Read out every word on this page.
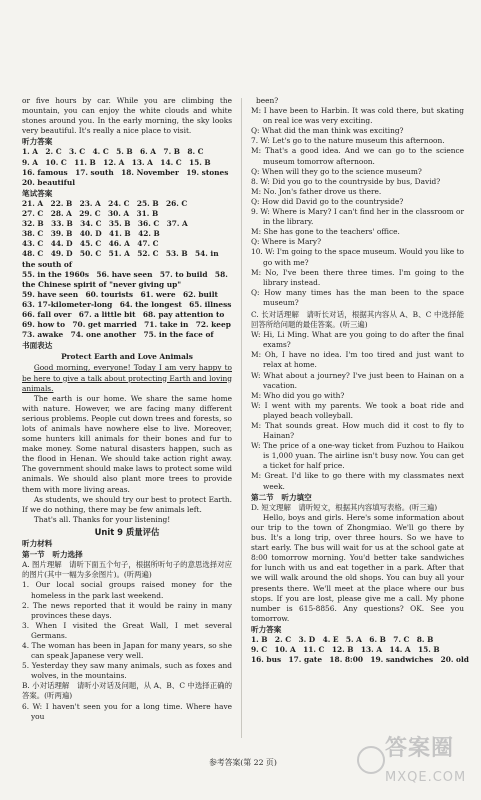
or five hours by car. While you are climbing the mountain, you can enjoy the white clouds and white stones around you. In the early morning, the sky looks very beautiful. It's really a nice place to visit.

听力答案

1. A　2. C　3. C　4. C　5. B　6. A　7. B　8. C

9. A　10. C　11. B　12. A　13. A　14. C　15. B

16. famous　17. south　18. November　19. stones

20. beautiful

笔试答案

21. A　22. B　23. A　24. C　25. B　26. C

27. C　28. A　29. C　30. A　31. B

32. B　33. B　34. C　35. B　36. C　37. A

38. C　39. B　40. D　41. B　42. B

43. C　44. D　45. C　46. A　47. C

48. C　49. D　50. C　51. A　52. C　53. B　54. in the south of

55. in the 1960s　56. have seen　57. to build　58. the Chinese spirit of "never giving up"

59. have seen　60. tourists　61. were　62. built　63. 17-kilometer-long　64. the longest　65. illness

66. fall over　67. a little bit　68. pay attention to

69. how to　70. get married　71. take in　72. keep　73. awake　74. one another　75. in the face of

书面表达

Protect Earth and Love Animals

Good morning, everyone! Today I am very happy to be here to give a talk about protecting Earth and loving animals.

The earth is our home. We share the same home with nature. However, we are facing many different serious problems. People cut down trees and forests, so lots of animals have nowhere else to live. Moreover, some hunters kill animals for their bones and fur to make money. Some natural disasters happen, such as the flood in Henan. We should take action right away. The government should make laws to protect some wild animals. We should also plant more trees to provide them with more living areas.

As students, we should try our best to protect Earth. If we do nothing, there may be few animals left.

That's all. Thanks for your listening!

Unit 9 质量评估

听力材料

第一节　听力选择

A. 图片理解　请听下面五个句子，根据所听句子的意思选择对应的图片(其中一幅为多余图片)。(听两遍)

1. Our local social groups raised money for the homeless in the park last weekend.

2. The news reported that it would be rainy in many provinces these days.

3. When I visited the Great Wall, I met several Germans.

4. The woman has been in Japan for many years, so she can speak Japanese very well.

5. Yesterday they saw many animals, such as foxes and wolves, in the mountains.

B. 小对话理解　请听小对话及问题，从 A、B、C 中选择正确的答案。(听两遍)

6. W: I haven't seen you for a long time. Where have you

been?

M: I have been to Harbin. It was cold there, but skating on real ice was very exciting.

Q: What did the man think was exciting?

7. W: Let's go to the nature museum this afternoon.

M: That's a good idea. And we can go to the science museum tomorrow afternoon.

Q: When will they go to the science museum?

8. W: Did you go to the countryside by bus, David?

M: No. Jon's father drove us there.

Q: How did David go to the countryside?

9. W: Where is Mary? I can't find her in the classroom or in the library.

M: She has gone to the teachers' office.

Q: Where is Mary?

10. W: I'm going to the space museum. Would you like to go with me?

M: No, I've been there three times. I'm going to the library instead.

Q: How many times has the man been to the space museum?

C. 长对话理解　请听长对话，根据其内容从 A、B、C 中选择能回答所给问题的最佳答案。(听三遍)

W: Hi, Li Ming. What are you going to do after the final exams?

M: Oh, I have no idea. I'm too tired and just want to relax at home.

W: What about a journey? I've just been to Hainan on a vacation.

M: Who did you go with?

W: I went with my parents. We took a boat ride and played beach volleyball.

M: That sounds great. How much did it cost to fly to Hainan?

W: The price of a one-way ticket from Fuzhou to Haikou is 1,000 yuan. The airline isn't busy now. You can get a ticket for half price.

M: Great. I'd like to go there with my classmates next week.

第二节　听力填空

D. 短文理解　请听短文，根据其内容填写表格。(听三遍)

Hello, boys and girls. Here's some information about our trip to the town of Zhongmiao. We'll go there by bus. It's a long trip, over three hours. So we have to start early. The bus will wait for us at the school gate at 8:00 tomorrow morning. You'd better take sandwiches for lunch with us and eat together in a park. After that we will walk around the old shops. You can buy all your presents there. We'll meet at the place where our bus stops. If you are lost, please give me a call. My phone number is 615-8856. Any questions? OK. See you tomorrow.

听力答案

1. B　2. C　3. D　4. E　5. A　6. B　7. C　8. B

9. C　10. A　11. C　12. B　13. A　14. A　15. B

16. bus　17. gate　18. 8:00　19. sandwiches　20. old

参考答案(第 22 页)
答案圈
MXQE.COM
